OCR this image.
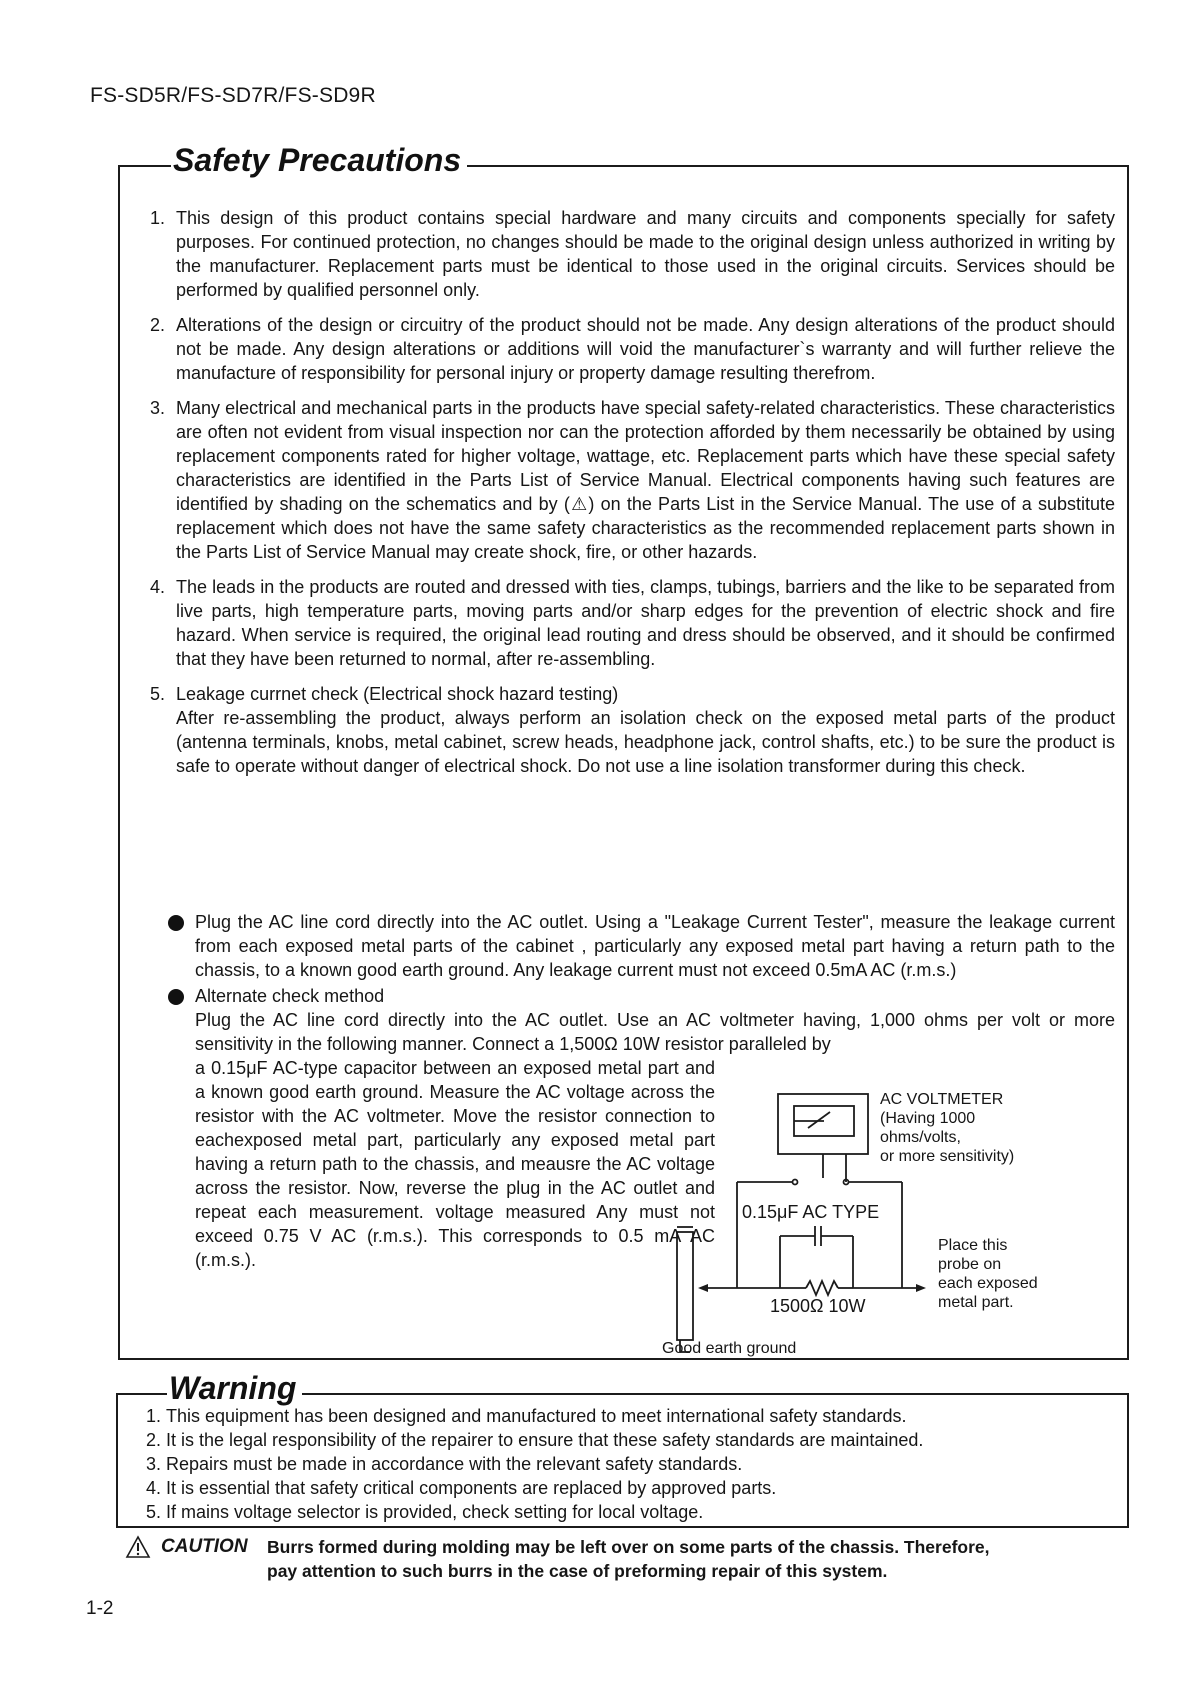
FS-SD5R/FS-SD7R/FS-SD9R
Safety Precautions
1. This design of this product contains special hardware and many circuits and components specially for safety purposes. For continued protection, no changes should be made to the original design unless authorized in writing by the manufacturer. Replacement parts must be identical to those used in the original circuits. Services should be performed by qualified personnel only.
2. Alterations of the design or circuitry of the product should not be made. Any design alterations of the product should not be made. Any design alterations or additions will void the manufacturer`s warranty and will further relieve the manufacture of responsibility for personal injury or property damage resulting therefrom.
3. Many electrical and mechanical parts in the products have special safety-related characteristics. These characteristics are often not evident from visual inspection nor can the protection afforded by them necessarily be obtained by using replacement components rated for higher voltage, wattage, etc. Replacement parts which have these special safety characteristics are identified in the Parts List of Service Manual. Electrical components having such features are identified by shading on the schematics and by (⚠) on the Parts List in the Service Manual. The use of a substitute replacement which does not have the same safety characteristics as the recommended replacement parts shown in the Parts List of Service Manual may create shock, fire, or other hazards.
4. The leads in the products are routed and dressed with ties, clamps, tubings, barriers and the like to be separated from live parts, high temperature parts, moving parts and/or sharp edges for the prevention of electric shock and fire hazard. When service is required, the original lead routing and dress should be observed, and it should be confirmed that they have been returned to normal, after re-assembling.
5. Leakage currnet check (Electrical shock hazard testing)
After re-assembling the product, always perform an isolation check on the exposed metal parts of the product (antenna terminals, knobs, metal cabinet, screw heads, headphone jack, control shafts, etc.) to be sure the product is safe to operate without danger of electrical shock. Do not use a line isolation transformer during this check.
Plug the AC line cord directly into the AC outlet. Using a "Leakage Current Tester", measure the leakage current from each exposed metal parts of the cabinet , particularly any exposed metal part having a return path to the chassis, to a known good earth ground. Any leakage current must not exceed 0.5mA AC (r.m.s.)
Alternate check method
Plug the AC line cord directly into the AC outlet. Use an AC voltmeter having, 1,000 ohms per volt or more sensitivity in the following manner. Connect a 1,500Ω 10W resistor paralleled by
a 0.15μF AC-type capacitor between an exposed metal part and a known good earth ground. Measure the AC voltage across the resistor with the AC voltmeter. Move the resistor connection to eachexposed metal part, particularly any exposed metal part having a return path to the chassis, and meausre the AC voltage across the resistor. Now, reverse the plug in the AC outlet and repeat each measurement. voltage measured Any must not exceed 0.75 V AC (r.m.s.). This corresponds to 0.5 mA AC (r.m.s.).
AC VOLTMETER
(Having 1000
ohms/volts,
or more sensitivity)
0.15μF AC TYPE
1500Ω 10W
Place this
probe on
each exposed
metal part.
Good earth ground
Warning
1. This equipment has been designed and manufactured to meet international safety standards.
2. It is the legal responsibility of the repairer to ensure that these safety standards are maintained.
3. Repairs must be made in accordance with the relevant safety standards.
4. It is essential that safety critical components are replaced by approved parts.
5. If mains voltage selector is provided, check setting for local voltage.
CAUTION Burrs formed during molding may be left over on some parts of the chassis. Therefore,
pay attention to such burrs in the case of preforming repair of this system.
1-2
